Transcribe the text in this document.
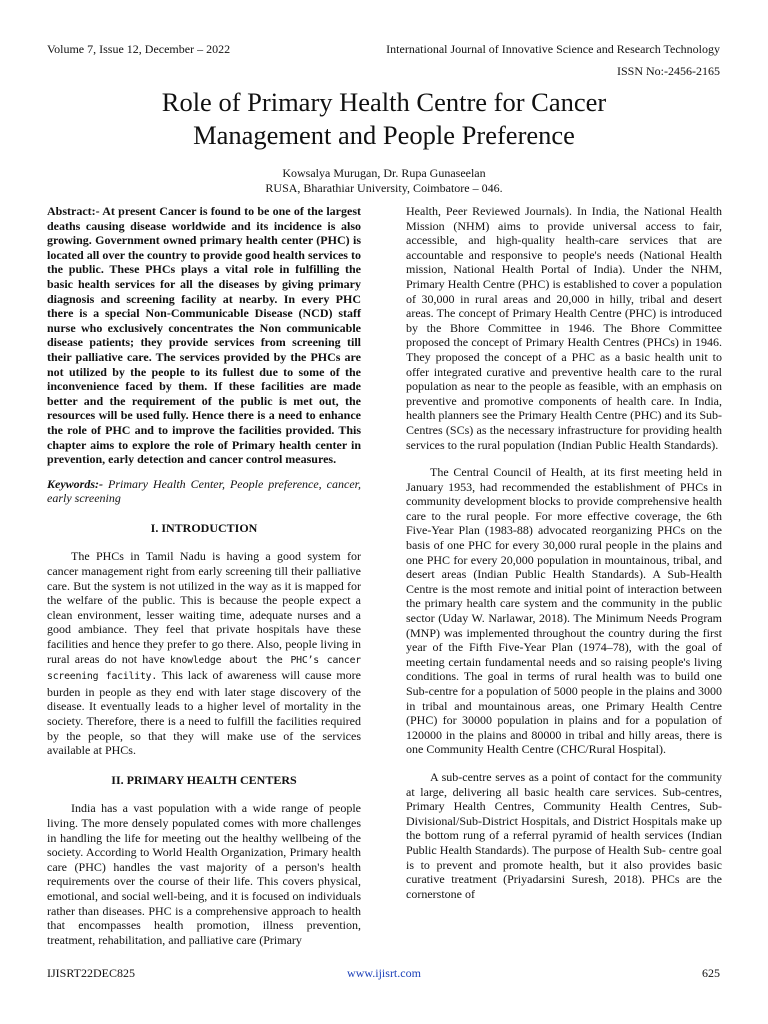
Volume 7, Issue 12, December – 2022	International Journal of Innovative Science and Research Technology
ISSN No:-2456-2165
Role of Primary Health Centre for Cancer
Management and People Preference
Kowsalya Murugan, Dr. Rupa Gunaseelan
RUSA, Bharathiar University, Coimbatore – 046.

Abstract:- At present Cancer is found to be one of the largest deaths causing disease worldwide and its incidence is also growing. Government owned primary health center (PHC) is located all over the country to provide good health services to the public. These PHCs plays a vital role in fulfilling the basic health services for all the diseases by giving primary diagnosis and screening facility at nearby. In every PHC there is a special Non-Communicable Disease (NCD) staff nurse who exclusively concentrates the Non communicable disease patients; they provide services from screening till their palliative care. The services provided by the PHCs are not utilized by the people to its fullest due to some of the inconvenience faced by them. If these facilities are made better and the requirement of the public is met out, the resources will be used fully. Hence there is a need to enhance the role of PHC and to improve the facilities provided. This chapter aims to explore the role of Primary health center in prevention, early detection and cancer control measures.

Keywords:- Primary Health Center, People preference, cancer, early screening

I. INTRODUCTION

The PHCs in Tamil Nadu is having a good system for cancer management right from early screening till their palliative care. But the system is not utilized in the way as it is mapped for the welfare of the public. This is because the people expect a clean environment, lesser waiting time, adequate nurses and a good ambiance. They feel that private hospitals have these facilities and hence they prefer to go there. Also, people living in rural areas do not have knowledge about the PHC’s cancer screening facility. This lack of awareness will cause more burden in people as they end with later stage discovery of the disease. It eventually leads to a higher level of mortality in the society. Therefore, there is a need to fulfill the facilities required by the people, so that they will make use of the services available at PHCs.

II. PRIMARY HEALTH CENTERS

India has a vast population with a wide range of people living. The more densely populated comes with more challenges in handling the life for meeting out the healthy wellbeing of the society. According to World Health Organization, Primary health care (PHC) handles the vast majority of a person's health requirements over the course of their life. This covers physical, emotional, and social well-being, and it is focused on individuals rather than diseases. PHC is a comprehensive approach to health that encompasses health promotion, illness prevention, treatment, rehabilitation, and palliative care (Primary

Health, Peer Reviewed Journals). In India, the National Health Mission (NHM) aims to provide universal access to fair, accessible, and high-quality health-care services that are accountable and responsive to people's needs (National Health mission, National Health Portal of India). Under the NHM, Primary Health Centre (PHC) is established to cover a population of 30,000 in rural areas and 20,000 in hilly, tribal and desert areas. The concept of Primary Health Centre (PHC) is introduced by the Bhore Committee in 1946. The Bhore Committee proposed the concept of Primary Health Centres (PHCs) in 1946. They proposed the concept of a PHC as a basic health unit to offer integrated curative and preventive health care to the rural population as near to the people as feasible, with an emphasis on preventive and promotive components of health care. In India, health planners see the Primary Health Centre (PHC) and its Sub-Centres (SCs) as the necessary infrastructure for providing health services to the rural population (Indian Public Health Standards).

The Central Council of Health, at its first meeting held in January 1953, had recommended the establishment of PHCs in community development blocks to provide comprehensive health care to the rural people. For more effective coverage, the 6th Five-Year Plan (1983-88) advocated reorganizing PHCs on the basis of one PHC for every 30,000 rural people in the plains and one PHC for every 20,000 population in mountainous, tribal, and desert areas (Indian Public Health Standards). A Sub-Health Centre is the most remote and initial point of interaction between the primary health care system and the community in the public sector (Uday W. Narlawar, 2018). The Minimum Needs Program (MNP) was implemented throughout the country during the first year of the Fifth Five-Year Plan (1974–78), with the goal of meeting certain fundamental needs and so raising people's living conditions. The goal in terms of rural health was to build one Sub-centre for a population of 5000 people in the plains and 3000 in tribal and mountainous areas, one Primary Health Centre (PHC) for 30000 population in plains and for a population of 120000 in the plains and 80000 in tribal and hilly areas, there is one Community Health Centre (CHC/Rural Hospital).

A sub-centre serves as a point of contact for the community at large, delivering all basic health care services. Sub-centres, Primary Health Centres, Community Health Centres, Sub- Divisional/Sub-District Hospitals, and District Hospitals make up the bottom rung of a referral pyramid of health services (Indian Public Health Standards). The purpose of Health Sub- centre goal is to prevent and promote health, but it also provides basic curative treatment (Priyadarsini Suresh, 2018). PHCs are the cornerstone of

IJISRT22DEC825	www.ijisrt.com	625
